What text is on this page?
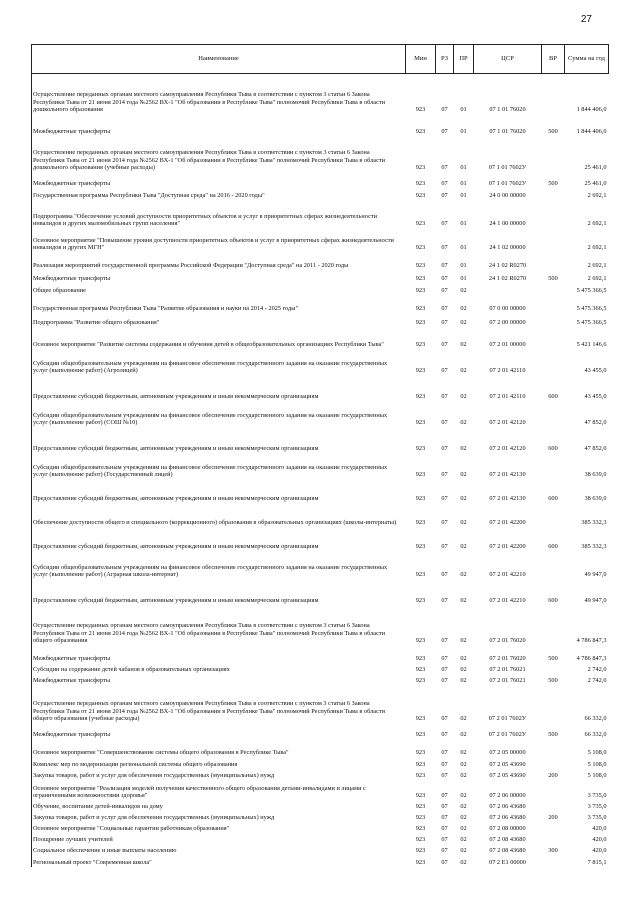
27
Наименование	Мин	РЗ	ПР	ЦСР	ВР	Сумма на год
Осуществление переданных органам местного самоуправления Республики Тыва в соответствии с пунктом 3 статьи 6 Закона Республики Тыва от 21 июня 2014 года №2562 ВХ-1 "Об образовании в Республике Тыва" полномочий Республики Тыва в области дошкольного образования	923	07	01	07 1 01 76020		1 844 406,0
Межбюджетные трансферты	923	07	01	07 1 01 76020	500	1 844 406,0
Осуществление переданных органам местного самоуправления Республики Тыва в соответствии с пунктом 3 статьи 6 Закона Республики Тыва от 21 июня 2014 года №2562 ВХ-1 "Об образовании в Республике Тыва" полномочий Республики Тыва в области дошкольного образования (учебные расходы)	923	07	01	07 1 01 7602У		25 461,0
Межбюджетные трансферты	923	07	01	07 1 01 7602У	500	25 461,0
Государственная программа Республики Тыва "Доступная среда" на 2016 - 2020 годы"	923	07	01	24 0 00 00000		2 692,1
Подпрограмма "Обеспечение условий доступности приоритетных объектов и услуг в приоритетных сферах жизнедеятельности инвалидов и других маломобильных групп населения"	923	07	01	24 1 00 00000		2 692,1
Основное мероприятие "Повышение уровня доступности приоритетных объектов и услуг в приоритетных сферах жизнедеятельности инвалидов и других МГН"	923	07	01	24 1 02 00000		2 692,1
Реализация мероприятий государственной программы Российской Федерации "Доступная среда" на 2011 - 2020 годы	923	07	01	24 1 02 R0270		2 692,1
Межбюджетные трансферты	923	07	01	24 1 02 R0270	500	2 692,1
Общее образование	923	07	02			5 475 366,5
Государственная программа Республики Тыва "Развитие образования и науки на 2014 - 2025 годы"	923	07	02	07 0 00 00000		5 475 366,5
Подпрограмма "Развитие общего образования"	923	07	02	07 2 00 00000		5 475 366,5
Основное мероприятие "Развитие системы содержания и обучения детей в общеобразовательных организациях Республики Тыва"	923	07	02	07 2 01 00000		5 421 146,6
Субсидии общеобразовательным учреждениям на финансовое обеспечение государственного задания на оказание государственных услуг (выполнение работ) (Агролицей)	923	07	02	07 2 01 42110		43 455,0
Предоставление субсидий бюджетным, автономным учреждениям и иным некоммерческим организациям	923	07	02	07 2 01 42110	600	43 455,0
Субсидии общеобразовательным учреждениям на финансовое обеспечение государственного задания на оказание государственных услуг (выполнение работ) (СОШ №10)	923	07	02	07 2 01 42120		47 852,0
Предоставление субсидий бюджетным, автономным учреждениям и иным некоммерческим организациям	923	07	02	07 2 01 42120	600	47 852,0
Субсидии общеобразовательным учреждениям на финансовое обеспечение государственного задания на оказание государственных услуг (выполнение работ) (Государственный лицей)	923	07	02	07 2 01 42130		38 639,0
Предоставление субсидий бюджетным, автономным учреждениям и иным некоммерческим организациям	923	07	02	07 2 01 42130	600	38 639,0
Обеспечение доступности общего и специального (коррекционного) образования в образовательных организациях (школы-интернаты)	923	07	02	07 2 01 42200		385 332,3
Предоставление субсидий бюджетным, автономным учреждениям и иным некоммерческим организациям	923	07	02	07 2 01 42200	600	385 332,3
Субсидии общеобразовательным учреждениям на финансовое обеспечение государственного задания на оказание государственных услуг (выполнение работ) (Аграрная школа-интернат)	923	07	02	07 2 01 42210		49 947,0
Предоставление субсидий бюджетным, автономным учреждениям и иным некоммерческим организациям	923	07	02	07 2 01 42210	600	49 947,0
Осуществление переданных органам местного самоуправления Республики Тыва в соответствии с пунктом 3 статьи 6 Закона Республики Тыва от 21 июня 2014 года №2562 ВХ-1 "Об образовании в Республике Тыва" полномочий Республики Тыва в области общего образования	923	07	02	07 2 01 76020		4 786 847,3
Межбюджетные трансферты	923	07	02	07 2 01 76020	500	4 786 847,3
Субсидии на содержание детей чабанов в образовательных организациях	923	07	02	07 2 01 76021		2 742,0
Межбюджетные трансферты	923	07	02	07 2 01 76021	500	2 742,0
Осуществление переданных органам местного самоуправления Республики Тыва в соответствии с пунктом 3 статьи 6 Закона Республики Тыва от 21 июня 2014 года №2562 ВХ-1 "Об образовании в Республике Тыва" полномочий Республики Тыва в области общего образования (учебные расходы)	923	07	02	07 2 01 7602У		66 332,0
Межбюджетные трансферты	923	07	02	07 2 01 7602У	500	66 332,0
Основное мероприятие "Совершенствование системы общего образования в Республике Тыва"	923	07	02	07 2 05 00000		5 108,0
Комплекс мер по модернизации региональной системы общего образования	923	07	02	07 2 05 43690		5 108,0
Закупка товаров, работ и услуг для обеспечения государственных (муниципальных) нужд	923	07	02	07 2 05 43690	200	5 108,0
Основное мероприятие "Реализация моделей получения качественного общего образования детьми-инвалидами и лицами с ограниченными возможностями здоровья"	923	07	02	07 2 06 00000		3 735,0
Обучение, воспитание детей-инвалидов на дому	923	07	02	07 2 06 43680		3 735,0
Закупка товаров, работ и услуг для обеспечения государственных (муниципальных) нужд	923	07	02	07 2 06 43680	200	3 735,0
Основное мероприятие "Социальные гарантии работникам образования"	923	07	02	07 2 08 00000		420,0
Поощрение лучших учителей	923	07	02	07 2 08 43680		420,0
Социальное обеспечение и иные выплаты населению	923	07	02	07 2 08 43680	300	420,0
Региональный проект "Современная школа"	923	07	02	07 2 E1 00000		7 815,1
